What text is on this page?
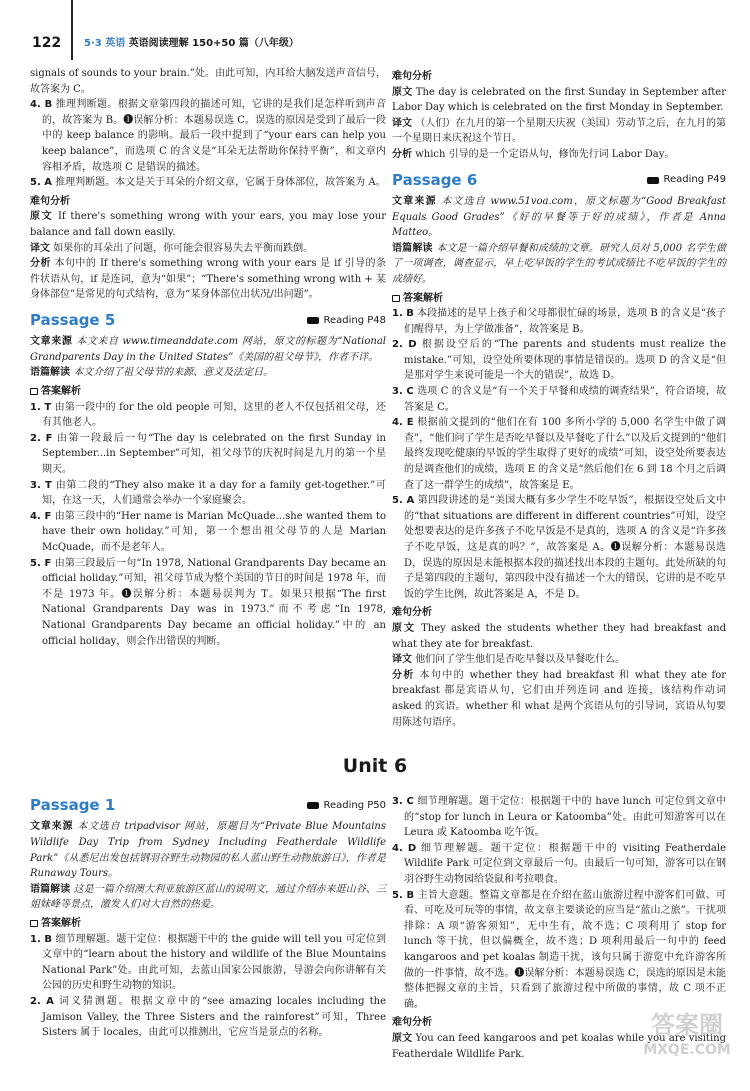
122 5·3 英语 英语阅读理解 150+50 篇（八年级）

signals of sounds to your brain.”处。由此可知，内耳给大脑发送声音信号，故答案为 C。

4. B 推理判断题。根据文章第四段的描述可知，它讲的是我们是怎样听到声音的，故答案为 B。❶误解分析：本题易误选 C。误选的原因是受到了最后一段中的 keep balance 的影响。最后一段中提到了“your ears can help you keep balance”，而选项 C 的含义是“耳朵无法帮助你保持平衡”，和文章内容相矛盾，故选项 C 是错误的描述。

5. A 推理判断题。本文是关于耳朵的介绍文章，它属于身体部位，故答案为 A。

难句分析

原文 If there's something wrong with your ears, you may lose your balance and fall down easily.

译文 如果你的耳朵出了问题，你可能会很容易失去平衡而跌倒。

分析 本句中的 If there's something wrong with your ears 是 if 引导的条件状语从句，if 是连词，意为“如果”；“There's something wrong with + 某身体部位”是常见的句式结构，意为“某身体部位出状况/出问题”。

Passage 5	Reading P48

文章来源 本文来自 www.timeanddate.com 网站，原文的标题为“National Grandparents Day in the United States”《美国的祖父母节》，作者不详。

语篇解读 本文介绍了祖父母节的来源、意义及法定日。

答案解析

1. T 由第一段中的 for the old people 可知，这里的老人不仅包括祖父母，还有其他老人。

2. F 由第一段最后一句“The day is celebrated on the first Sunday in September...in September”可知，祖父母节的庆祝时间是九月的第一个星期天。

3. T 由第二段的“They also make it a day for a family get-together.”可知，在这一天，人们通常会举办一个家庭聚会。

4. F 由第三段中的“Her name is Marian McQuade...she wanted them to have their own holiday.”可知，第一个想出祖父母节的人是 Marian McQuade，而不是老年人。

5. F 由第三段最后一句“In 1978, National Grandparents Day became an official holiday.”可知，祖父母节成为整个美国的节日的时间是 1978 年，而不是 1973 年。❶误解分析：本题易误判为 T。如果只根据“The first National Grandparents Day was in 1973.”而不考虑“In 1978, National Grandparents Day became an official holiday.”中的 an official holiday，则会作出错误的判断。

难句分析

原文 The day is celebrated on the first Sunday in September after Labor Day which is celebrated on the first Monday in September.

译文 （人们）在九月的第一个星期天庆祝（美国）劳动节之后，在九月的第一个星期日来庆祝这个节日。

分析 which 引导的是一个定语从句，修饰先行词 Labor Day。

Passage 6	Reading P49

文章来源 本文选自 www.51voa.com，原文标题为“Good Breakfast Equals Good Grades”《好的早餐等于好的成绩》，作者是 Anna Matteo。

语篇解读 本文是一篇介绍早餐和成绩的文章。研究人员对 5,000 名学生做了一项调查，调查显示，早上吃早饭的学生的考试成绩比不吃早饭的学生的成绩好。

答案解析

1. B 本段描述的是早上孩子和父母都很忙碌的场景，选项 B 的含义是“孩子们醒得早，为上学做准备”，故答案是 B。

2. D 根据设空后的“The parents and students must realize the mistake.”可知，设空处所要体现的事情是错误的。选项 D 的含义是“但是那对学生来说可能是一个大的错误”，故选 D。

3. C 选项 C 的含义是“有一个关于早餐和成绩的调查结果”，符合语境，故答案是 C。

4. E 根据前文提到的“他们在有 100 多所小学的 5,000 名学生中做了调查”，“他们问了学生是否吃早餐以及早餐吃了什么”以及后文提到的“他们最终发现吃健康的早饭的学生取得了更好的成绩”可知，设空处所要表达的是调查他们的成绩，选项 E 的含义是“然后他们在 6 到 18 个月之后调查了这一群学生的成绩”，故答案是 E。

5. A 第四段讲述的是“美国大概有多少学生不吃早饭”，根据设空处后文中的“that situations are different in different countries”可知，设空处想要表达的是许多孩子不吃早饭是不是真的，选项 A 的含义是“许多孩子不吃早饭，这是真的吗？”，故答案是 A。❶误解分析：本题易误选 D，误选的原因是未能根据本段的描述找出本段的主题句。此处所缺的句子是第四段的主题句，第四段中没有描述一个大的错误，它讲的是不吃早饭的学生比例，故此答案是 A，不是 D。

难句分析

原文 They asked the students whether they had breakfast and what they ate for breakfast.

译文 他们问了学生他们是否吃早餐以及早餐吃什么。

分析 本句中的 whether they had breakfast 和 what they ate for breakfast 都是宾语从句，它们由并列连词 and 连接，该结构作动词 asked 的宾语。whether 和 what 是两个宾语从句的引导词，宾语从句要用陈述句语序。

Unit 6
Passage 1	Reading P50

文章来源 本文选自 tripadvisor 网站，原题目为“Private Blue Mountains Wildlife Day Trip from Sydney Including Featherdale Wildlife Park”《从悉尼出发包括钢羽谷野生动物园的私人蓝山野生动物旅游日》，作者是 Runaway Tours。

语篇解读 这是一篇介绍澳大利亚旅游区蓝山的说明文，通过介绍赤来逛山谷、三姐妹峰等景点，激发人们对大自然的热爱。

答案解析

1. B 细节理解题。题干定位：根据题干中的 the guide will tell you 可定位到文章中的“learn about the history and wildlife of the Blue Mountains National Park”处。由此可知，去蓝山国家公园旅游，导游会向你讲解有关公园的历史和野生动物的知识。

2. A 词义猜测题。根据文章中的“see amazing locales including the Jamison Valley, the Three Sisters and the rainforest”可知，Three Sisters 属于 locales，由此可以推测出，它应当是景点的名称。

3. C 细节理解题。题干定位：根据题干中的 have lunch 可定位到文章中的“stop for lunch in Leura or Katoomba”处。由此可知游客可以在 Leura 或 Katoomba 吃午饭。

4. D 细节理解题。题干定位：根据题干中的 visiting Featherdale Wildlife Park 可定位到文章最后一句。由最后一句可知，游客可以在钢羽谷野生动物园给袋鼠和考拉喂食。

5. B 主旨大意题。整篇文章都是在介绍在蓝山旅游过程中游客们可做、可看、可吃及可玩等的事情，故文章主要谈论的应当是“蓝山之旅”。干扰项排除：A 项“游客须知”，无中生有，故不选；C 项利用了 stop for lunch 等干扰，但以偏概全，故不选；D 项利用最后一句中的 feed kangaroos and pet koalas 制造干扰，该句只属于游览中允许游客所做的一件事情，故不选。❶误解分析：本题易误选 C，误选的原因是未能整体把握文章的主旨，只看到了旅游过程中所做的事情，故 C 项不正确。

难句分析

原文 You can feed kangaroos and pet koalas while you are visiting Featherdale Wildlife Park.

答案圈
MXQE.COM
